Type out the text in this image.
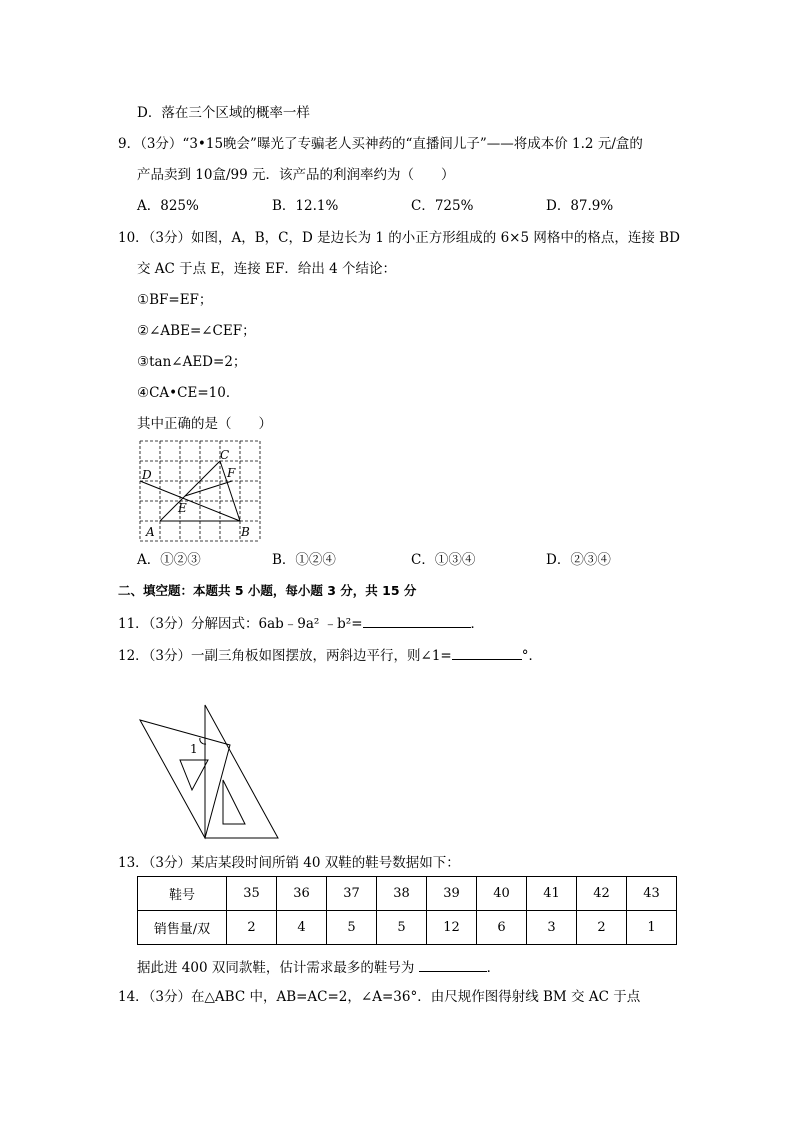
D．落在三个区域的概率一样
9．（3分）“3•15晚会”曝光了专骗老人买神药的“直播间儿子”——将成本价 1.2 元/盒的
产品卖到 10盒/99 元．该产品的利润率约为（　　）
A．825%	B．12.1%	C．725%	D．87.9%
10．（3分）如图，A，B，C，D 是边长为 1 的小正方形组成的 6×5 网格中的格点，连接 BD
交 AC 于点 E，连接 EF．给出 4 个结论：
①BF=EF；
②∠ABE=∠CEF；
③tan∠AED=2；
④CA•CE=10．
其中正确的是（　　）
A	B
C
D
E
F
A．①②③	B．①②④	C．①③④	D．②③④
二、填空题：本题共 5 小题，每小题 3 分，共 15 分
11．（3分）分解因式：6ab﹣9a² ﹣b²=	．
12．（3分）一副三角板如图摆放，两斜边平行，则∠1=	°．
1
13．（3分）某店某段时间所销 40 双鞋的鞋号数据如下：
鞋号	35	36	37	38	39	40	41	42	43
销售量/双	2	4	5	5	12	6	3	2	1
据此进 400 双同款鞋，估计需求最多的鞋号为	．
14．（3分）在△ABC 中，AB=AC=2，∠A=36°．由尺规作图得射线 BM 交 AC 于点
